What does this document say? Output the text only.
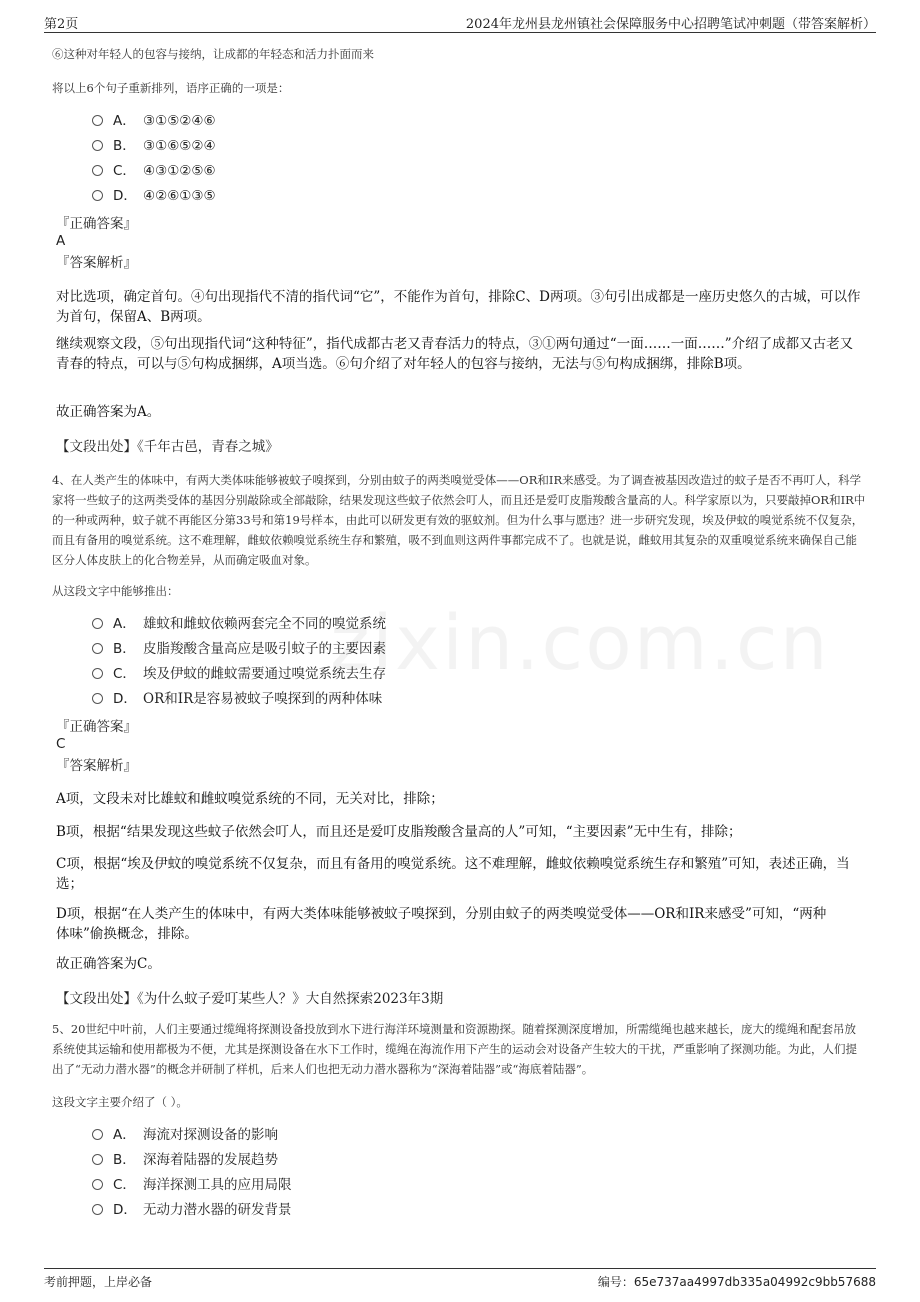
第2页	2024年龙州县龙州镇社会保障服务中心招聘笔试冲刺题（带答案解析）
⑥这种对年轻人的包容与接纳，让成都的年轻态和活力扑面而来
将以上6个句子重新排列，语序正确的一项是：
A． ③①⑤②④⑥
B． ③①⑥⑤②④
C． ④③①②⑤⑥
D． ④②⑥①③⑤
『正确答案』
A
『答案解析』
对比选项，确定首句。④句出现指代不清的指代词“它”，不能作为首句，排除C、D两项。③句引出成都是一座历史悠久的古城，可以作为首句，保留A、B两项。
继续观察文段，⑤句出现指代词“这种特征”，指代成都古老又青春活力的特点，③①两句通过“一面……一面……”介绍了成都又古老又青春的特点，可以与⑤句构成捆绑，A项当选。⑥句介绍了对年轻人的包容与接纳，无法与⑤句构成捆绑，排除B项。
故正确答案为A。
【文段出处】《千年古邑，青春之城》
4、在人类产生的体味中，有两大类体味能够被蚊子嗅探到，分别由蚊子的两类嗅觉受体——OR和IR来感受。为了调查被基因改造过的蚊子是否不再叮人，科学家将一些蚊子的这两类受体的基因分别敲除或全部敲除，结果发现这些蚊子依然会叮人，而且还是爱叮皮脂羧酸含量高的人。科学家原以为，只要敲掉OR和IR中的一种或两种，蚊子就不再能区分第33号和第19号样本，由此可以研发更有效的驱蚊剂。但为什么事与愿违？进一步研究发现，埃及伊蚊的嗅觉系统不仅复杂，而且有备用的嗅觉系统。这不难理解，雌蚊依赖嗅觉系统生存和繁殖，吸不到血则这两件事都完成不了。也就是说，雌蚊用其复杂的双重嗅觉系统来确保自己能区分人体皮肤上的化合物差异，从而确定吸血对象。
从这段文字中能够推出：
A． 雄蚊和雌蚊依赖两套完全不同的嗅觉系统
B． 皮脂羧酸含量高应是吸引蚊子的主要因素
C． 埃及伊蚊的雌蚊需要通过嗅觉系统去生存
D． OR和IR是容易被蚊子嗅探到的两种体味
『正确答案』
C
『答案解析』
A项，文段未对比雄蚊和雌蚊嗅觉系统的不同，无关对比，排除；
B项，根据“结果发现这些蚊子依然会叮人，而且还是爱叮皮脂羧酸含量高的人”可知，“主要因素”无中生有，排除；
C项，根据“埃及伊蚊的嗅觉系统不仅复杂，而且有备用的嗅觉系统。这不难理解，雌蚊依赖嗅觉系统生存和繁殖”可知，表述正确，当选；
D项，根据“在人类产生的体味中，有两大类体味能够被蚊子嗅探到，分别由蚊子的两类嗅觉受体——OR和IR来感受”可知，“两种体味”偷换概念，排除。
故正确答案为C。
【文段出处】《为什么蚊子爱叮某些人？》大自然探索2023年3期
5、20世纪中叶前，人们主要通过缆绳将探测设备投放到水下进行海洋环境测量和资源勘探。随着探测深度增加，所需缆绳也越来越长，庞大的缆绳和配套吊放系统使其运输和使用都极为不便，尤其是探测设备在水下工作时，缆绳在海流作用下产生的运动会对设备产生较大的干扰，严重影响了探测功能。为此，人们提出了“无动力潜水器”的概念并研制了样机，后来人们也把无动力潜水器称为“深海着陆器”或“海底着陆器”。
这段文字主要介绍了（ ）。
A． 海流对探测设备的影响
B． 深海着陆器的发展趋势
C． 海洋探测工具的应用局限
D． 无动力潜水器的研发背景
考前押题，上岸必备	编号：65e737aa4997db335a04992c9bb57688
